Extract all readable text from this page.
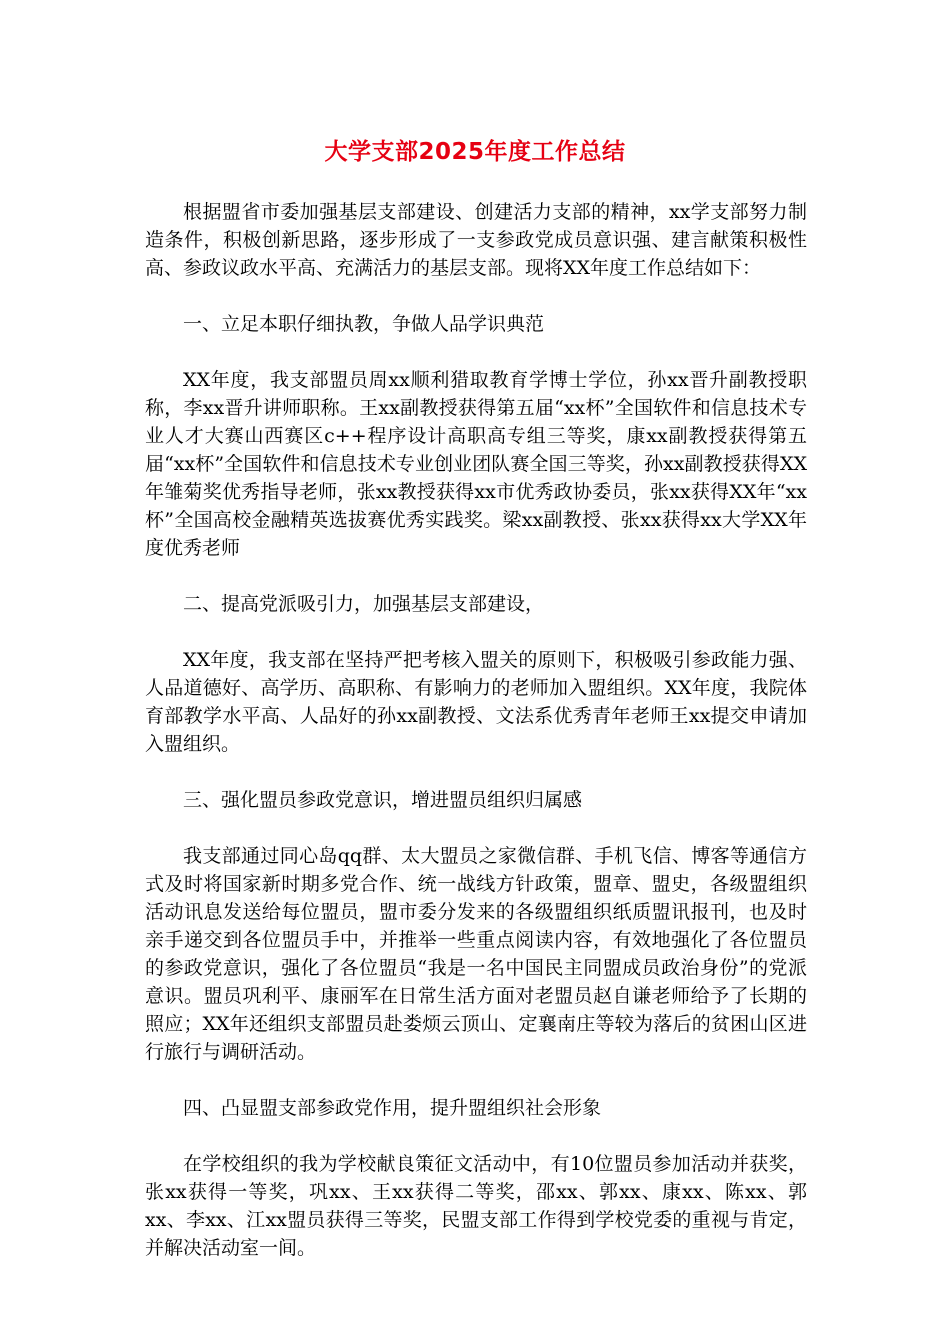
大学支部2025年度工作总结

根据盟省市委加强基层支部建设、创建活力支部的精神，xx学支部努力制造条件，积极创新思路，逐步形成了一支参政党成员意识强、建言献策积极性高、参政议政水平高、充满活力的基层支部。现将XX年度工作总结如下：

一、立足本职仔细执教，争做人品学识典范

XX年度，我支部盟员周xx顺利猎取教育学博士学位，孙xx晋升副教授职称，李xx晋升讲师职称。王xx副教授获得第五届“xx杯”全国软件和信息技术专业人才大赛山西赛区c++程序设计高职高专组三等奖，康xx副教授获得第五届“xx杯”全国软件和信息技术专业创业团队赛全国三等奖，孙xx副教授获得XX年雏菊奖优秀指导老师，张xx教授获得xx市优秀政协委员，张xx获得XX年“xx杯”全国高校金融精英选拔赛优秀实践奖。梁xx副教授、张xx获得xx大学XX年度优秀老师

二、提高党派吸引力，加强基层支部建设，

XX年度，我支部在坚持严把考核入盟关的原则下，积极吸引参政能力强、人品道德好、高学历、高职称、有影响力的老师加入盟组织。XX年度，我院体育部教学水平高、人品好的孙xx副教授、文法系优秀青年老师王xx提交申请加入盟组织。

三、强化盟员参政党意识，增进盟员组织归属感

我支部通过同心岛qq群、太大盟员之家微信群、手机飞信、博客等通信方式及时将国家新时期多党合作、统一战线方针政策，盟章、盟史，各级盟组织活动讯息发送给每位盟员，盟市委分发来的各级盟组织纸质盟讯报刊，也及时亲手递交到各位盟员手中，并推举一些重点阅读内容，有效地强化了各位盟员的参政党意识，强化了各位盟员“我是一名中国民主同盟成员政治身份”的党派意识。盟员巩利平、康丽军在日常生活方面对老盟员赵自谦老师给予了长期的照应；XX年还组织支部盟员赴娄烦云顶山、定襄南庄等较为落后的贫困山区进行旅行与调研活动。

四、凸显盟支部参政党作用，提升盟组织社会形象

在学校组织的我为学校献良策征文活动中，有10位盟员参加活动并获奖，张xx获得一等奖，巩xx、王xx获得二等奖，邵xx、郭xx、康xx、陈xx、郭xx、李xx、江xx盟员获得三等奖，民盟支部工作得到学校党委的重视与肯定，并解决活动室一间。
